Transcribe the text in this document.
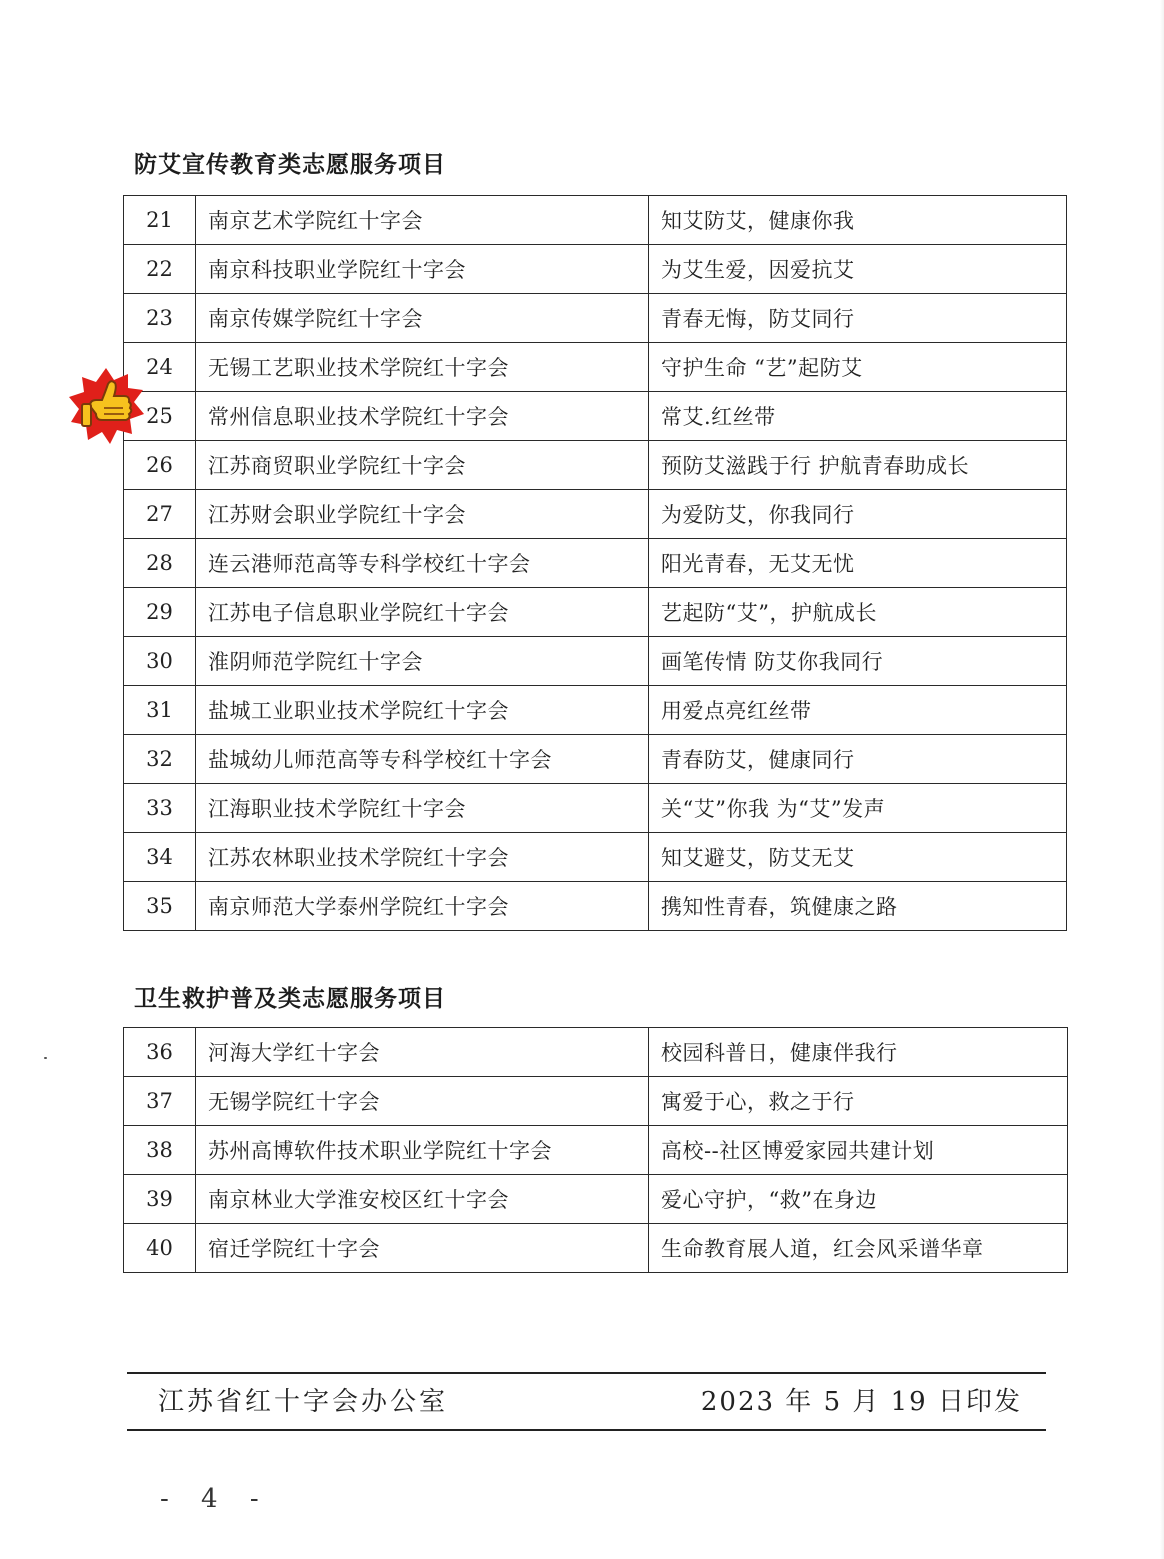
防艾宣传教育类志愿服务项目
21	南京艺术学院红十字会	知艾防艾，健康你我
22	南京科技职业学院红十字会	为艾生爱，因爱抗艾
23	南京传媒学院红十字会	青春无悔，防艾同行
24	无锡工艺职业技术学院红十字会	守护生命 “艺”起防艾
25	常州信息职业技术学院红十字会	常艾.红丝带
26	江苏商贸职业学院红十字会	预防艾滋践于行 护航青春助成长
27	江苏财会职业学院红十字会	为爱防艾，你我同行
28	连云港师范高等专科学校红十字会	阳光青春，无艾无忧
29	江苏电子信息职业学院红十字会	艺起防“艾”，护航成长
30	淮阴师范学院红十字会	画笔传情 防艾你我同行
31	盐城工业职业技术学院红十字会	用爱点亮红丝带
32	盐城幼儿师范高等专科学校红十字会	青春防艾，健康同行
33	江海职业技术学院红十字会	关“艾”你我 为“艾”发声
34	江苏农林职业技术学院红十字会	知艾避艾，防艾无艾
35	南京师范大学泰州学院红十字会	携知性青春，筑健康之路
卫生救护普及类志愿服务项目
36	河海大学红十字会	校园科普日，健康伴我行
37	无锡学院红十字会	寓爱于心，救之于行
38	苏州高博软件技术职业学院红十字会	高校--社区博爱家园共建计划
39	南京林业大学淮安校区红十字会	爱心守护，“救”在身边
40	宿迁学院红十字会	生命教育展人道，红会风采谱华章
江苏省红十字会办公室	2023 年 5 月 19 日印发
- 4 -
